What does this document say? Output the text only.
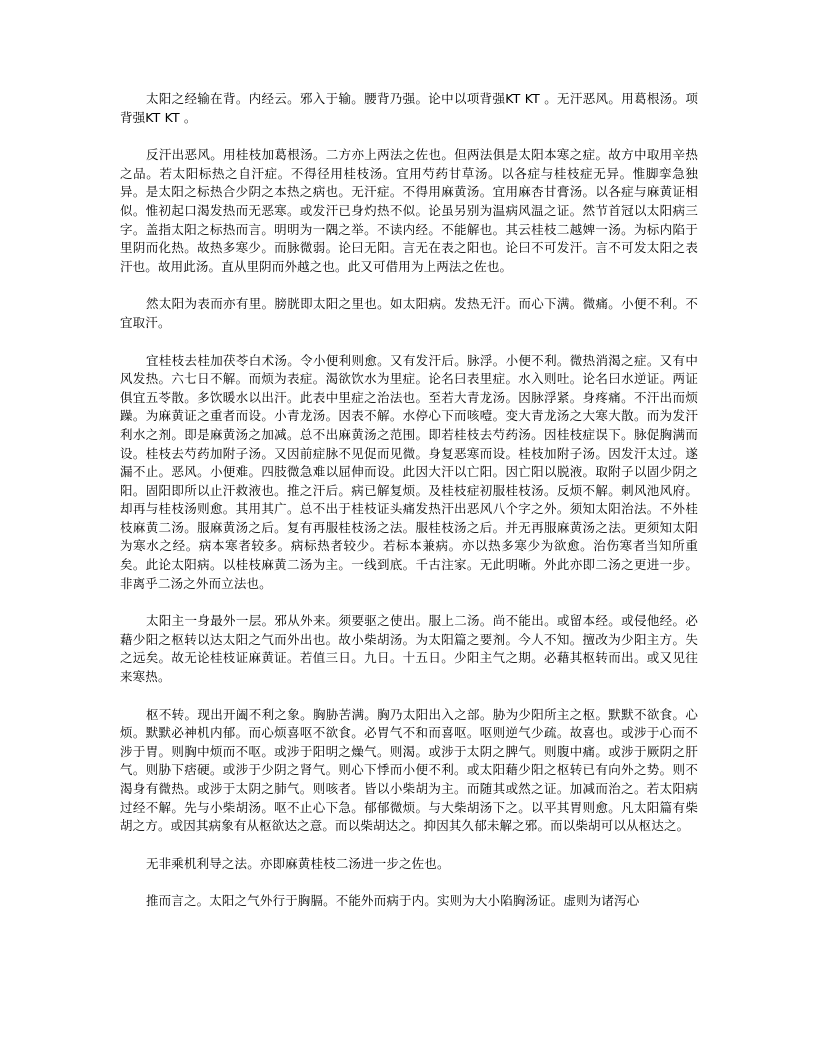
太阳之经输在背。内经云。邪入于输。腰背乃强。论中以项背强KT KT 。无汗恶风。用葛根汤。项背强KT KT 。

反汗出恶风。用桂枝加葛根汤。二方亦上两法之佐也。但两法俱是太阳本寒之症。故方中取用辛热之品。若太阳标热之自汗症。不得径用桂枝汤。宜用芍药甘草汤。以各症与桂枝症无异。惟脚挛急独异。是太阳之标热合少阴之本热之病也。无汗症。不得用麻黄汤。宜用麻杏甘膏汤。以各症与麻黄证相似。惟初起口渴发热而无恶寒。或发汗已身灼热不似。论虽另别为温病风温之证。然节首冠以太阳病三字。盖指太阳之标热而言。明明为一隅之举。不读内经。不能解也。其云桂枝二越婢一汤。为标内陷于里阴而化热。故热多寒少。而脉微弱。论曰无阳。言无在表之阳也。论曰不可发汗。言不可发太阳之表汗也。故用此汤。直从里阴而外越之也。此又可借用为上两法之佐也。

然太阳为表而亦有里。膀胱即太阳之里也。如太阳病。发热无汗。而心下满。微痛。小便不利。不宜取汗。

宜桂枝去桂加茯苓白术汤。令小便利则愈。又有发汗后。脉浮。小便不利。微热消渴之症。又有中风发热。六七日不解。而烦为表症。渴欲饮水为里症。论名曰表里症。水入则吐。论名曰水逆证。两证俱宜五苓散。多饮暖水以出汗。此表中里症之治法也。至若大青龙汤。因脉浮紧。身疼痛。不汗出而烦躁。为麻黄证之重者而设。小青龙汤。因表不解。水停心下而咳噎。变大青龙汤之大寒大散。而为发汗利水之剂。即是麻黄汤之加减。总不出麻黄汤之范围。即若桂枝去芍药汤。因桂枝症误下。脉促胸满而设。桂枝去芍药加附子汤。又因前症脉不见促而见微。身复恶寒而设。桂枝加附子汤。因发汗太过。遂漏不止。恶风。小便难。四肢微急难以屈伸而设。此因大汗以亡阳。因亡阳以脱液。取附子以固少阴之阳。固阳即所以止汗救液也。推之汗后。病已解复烦。及桂枝症初服桂枝汤。反烦不解。刺风池风府。却再与桂枝汤则愈。其用其广。总不出于桂枝证头痛发热汗出恶风八个字之外。须知太阳治法。不外桂枝麻黄二汤。服麻黄汤之后。复有再服桂枝汤之法。服桂枝汤之后。并无再服麻黄汤之法。更须知太阳为寒水之经。病本寒者较多。病标热者较少。若标本兼病。亦以热多寒少为欲愈。治伤寒者当知所重矣。此论太阳病。以桂枝麻黄二汤为主。一线到底。千古注家。无此明晰。外此亦即二汤之更进一步。非离乎二汤之外而立法也。

太阳主一身最外一层。邪从外来。须要驱之使出。服上二汤。尚不能出。或留本经。或侵他经。必藉少阳之枢转以达太阳之气而外出也。故小柴胡汤。为太阳篇之要剂。今人不知。擅改为少阳主方。失之远矣。故无论桂枝证麻黄证。若值三日。九日。十五日。少阳主气之期。必藉其枢转而出。或又见往来寒热。

枢不转。现出开阖不利之象。胸胁苦满。胸乃太阳出入之部。胁为少阳所主之枢。默默不欲食。心烦。默默必神机内郁。而心烦喜呕不欲食。必胃气不和而喜呕。呕则逆气少疏。故喜也。或涉于心而不涉于胃。则胸中烦而不呕。或涉于阳明之燥气。则渴。或涉于太阴之脾气。则腹中痛。或涉于厥阴之肝气。则胁下痞硬。或涉于少阴之肾气。则心下悸而小便不利。或太阳藉少阳之枢转已有向外之势。则不渴身有微热。或涉于太阴之肺气。则咳者。皆以小柴胡为主。而随其或然之证。加减而治之。若太阳病过经不解。先与小柴胡汤。呕不止心下急。郁郁微烦。与大柴胡汤下之。以平其胃则愈。凡太阳篇有柴胡之方。或因其病象有从枢欲达之意。而以柴胡达之。抑因其久郁未解之邪。而以柴胡可以从枢达之。

无非乘机利导之法。亦即麻黄桂枝二汤进一步之佐也。

推而言之。太阳之气外行于胸膈。不能外而病于内。实则为大小陷胸汤证。虚则为诸泻心
